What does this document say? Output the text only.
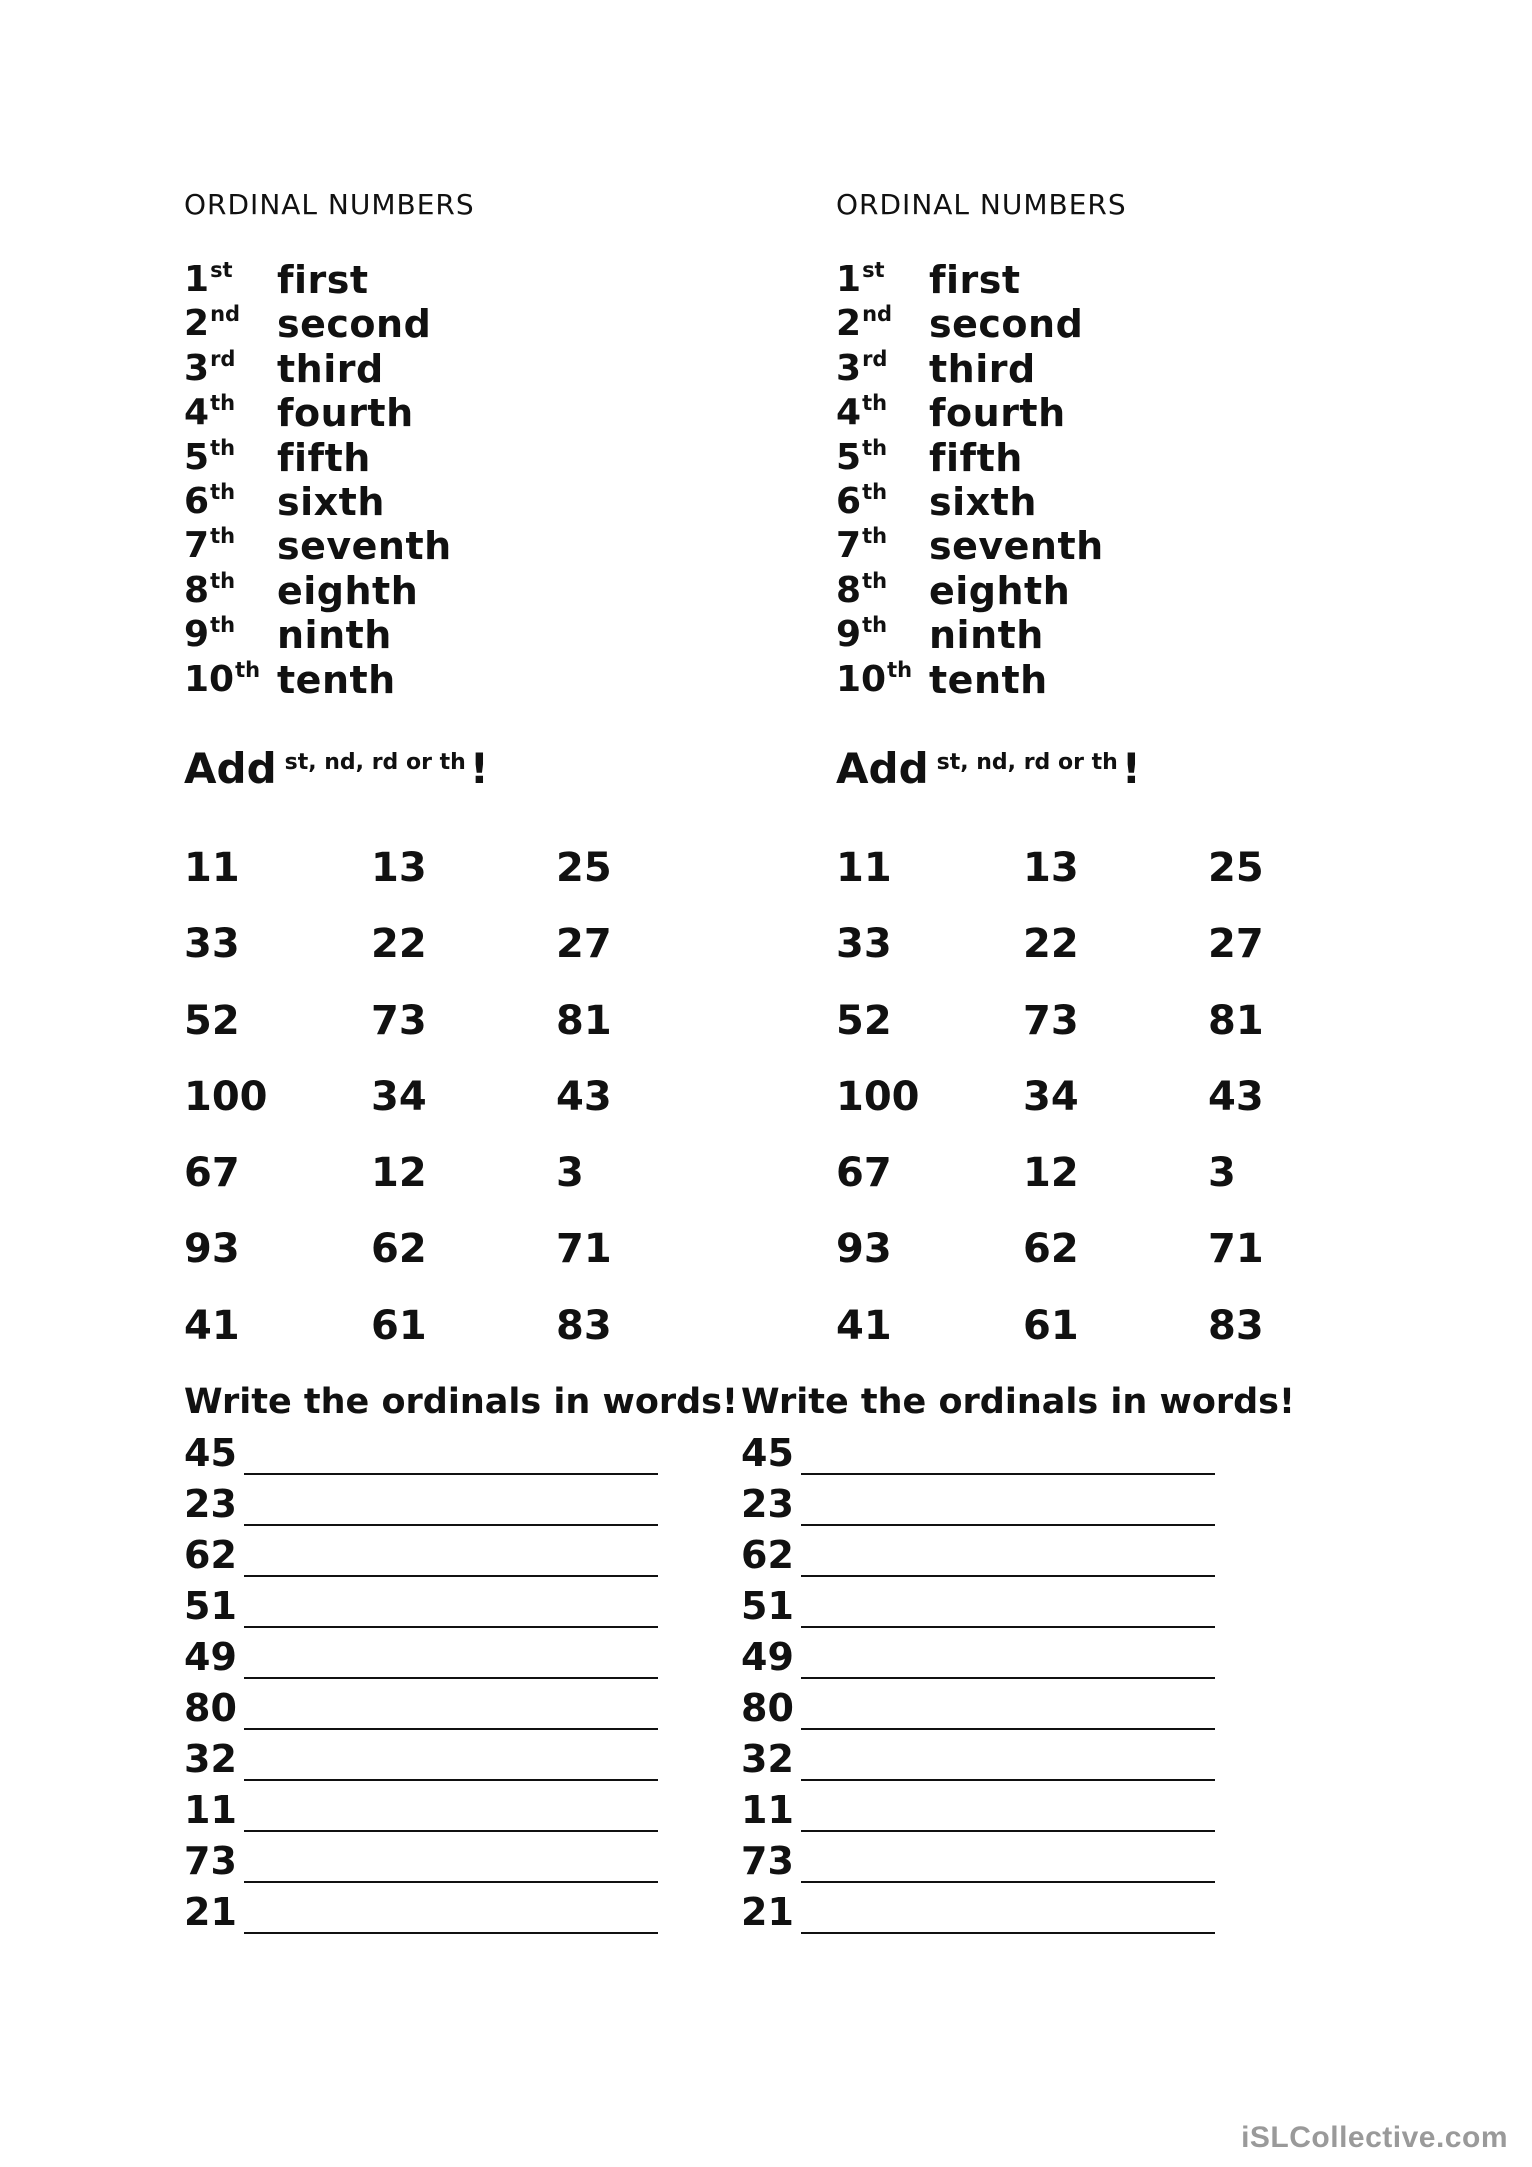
ORDINAL NUMBERS
1st first
2nd second
3rd third
4th fourth
5th fifth
6th sixth
7th seventh
8th eighth
9th ninth
10th tenth
Add st, nd, rd or th!
11	13	25
33	22	27
52	73	81
100	34	43
67	12	3
93	62	71
41	61	83
ORDINAL NUMBERS
1st first
2nd second
3rd third
4th fourth
5th fifth
6th sixth
7th seventh
8th eighth
9th ninth
10th tenth
Add st, nd, rd or th!
11	13	25
33	22	27
52	73	81
100	34	43
67	12	3
93	62	71
41	61	83
Write the ordinals in words!
45
23
62
51
49
80
32
11
73
21
Write the ordinals in words!
45
23
62
51
49
80
32
11
73
21
iSLCollective.com
